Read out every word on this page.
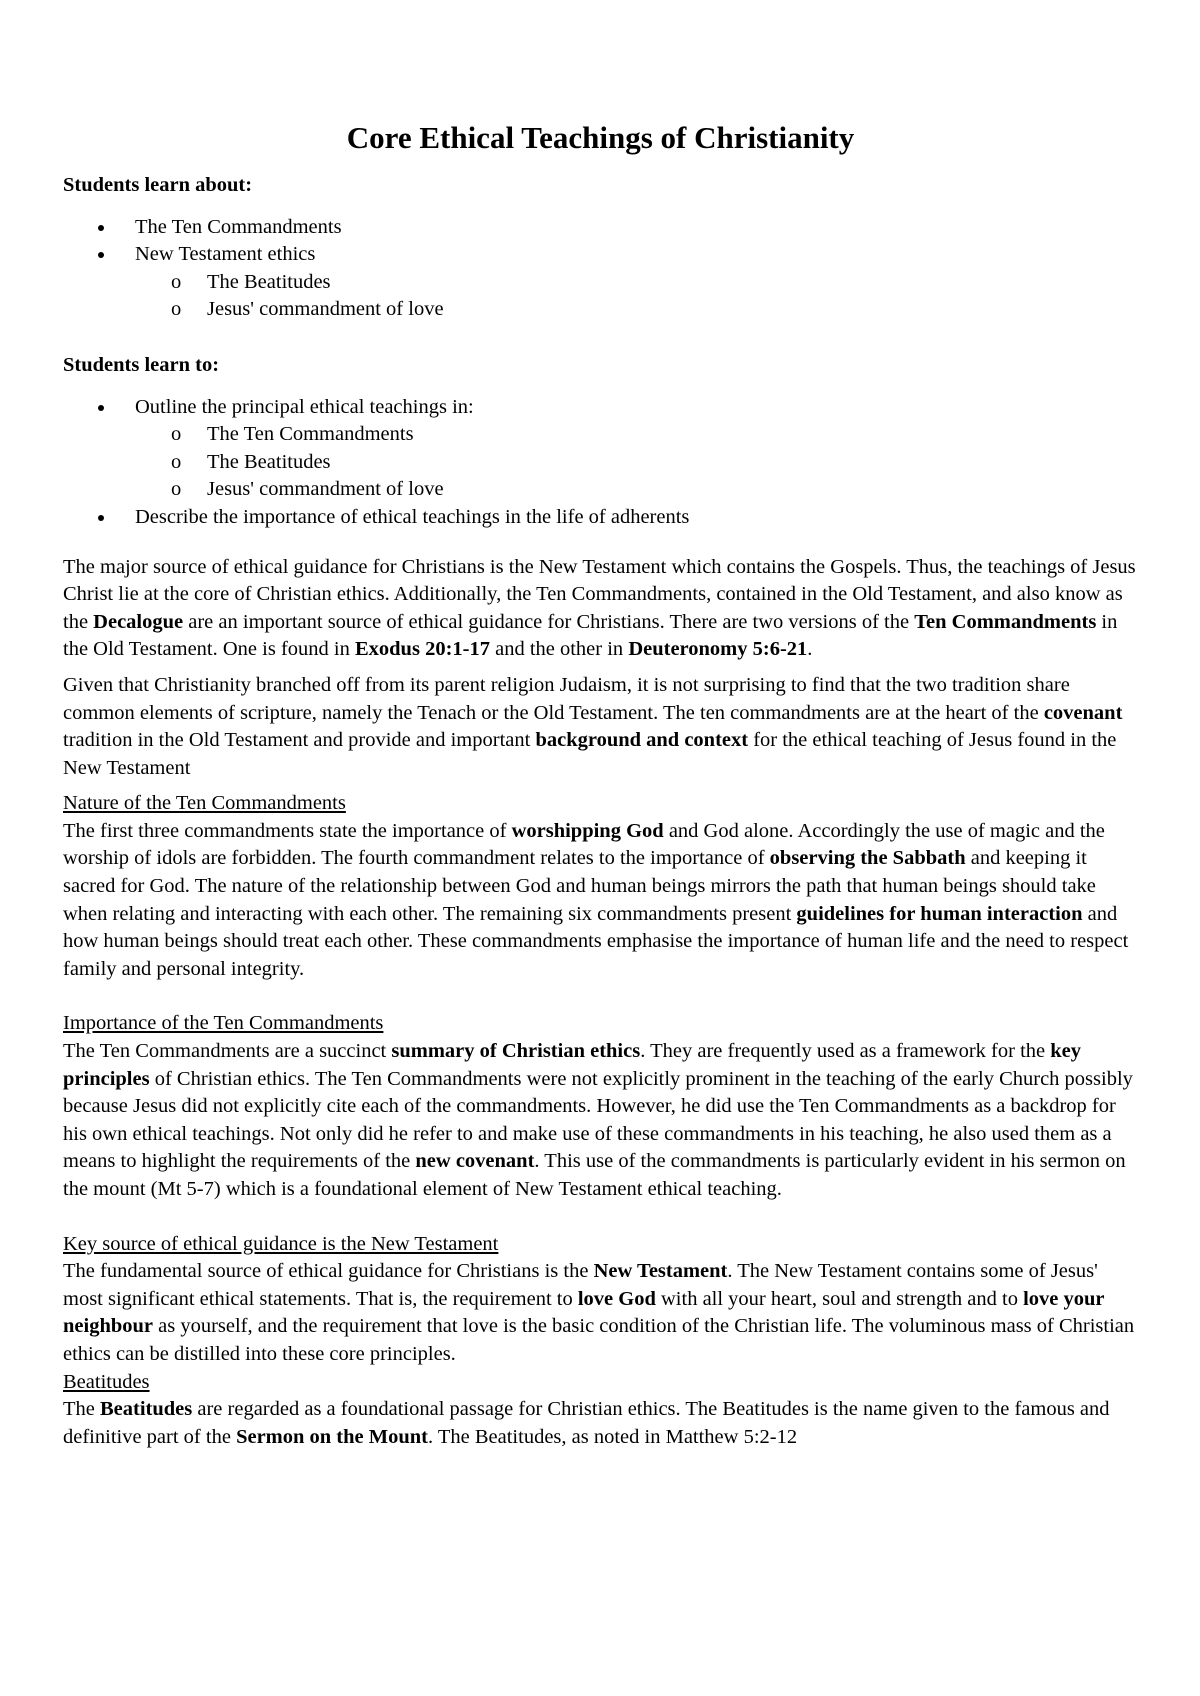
Core Ethical Teachings of Christianity

Students learn about:

The Ten Commandments
New Testament ethics
o The Beatitudes
o Jesus' commandment of love

Students learn to:

Outline the principal ethical teachings in:
o The Ten Commandments
o The Beatitudes
o Jesus' commandment of love
Describe the importance of ethical teachings in the life of adherents

The major source of ethical guidance for Christians is the New Testament which contains the Gospels. Thus, the teachings of Jesus Christ lie at the core of Christian ethics. Additionally, the Ten Commandments, contained in the Old Testament, and also know as the Decalogue are an important source of ethical guidance for Christians. There are two versions of the Ten Commandments in the Old Testament. One is found in Exodus 20:1-17 and the other in Deuteronomy 5:6-21.

Given that Christianity branched off from its parent religion Judaism, it is not surprising to find that the two tradition share common elements of scripture, namely the Tenach or the Old Testament. The ten commandments are at the heart of the covenant tradition in the Old Testament and provide and important background and context for the ethical teaching of Jesus found in the New Testament

Nature of the Ten Commandments

The first three commandments state the importance of worshipping God and God alone. Accordingly the use of magic and the worship of idols are forbidden. The fourth commandment relates to the importance of observing the Sabbath and keeping it sacred for God. The nature of the relationship between God and human beings mirrors the path that human beings should take when relating and interacting with each other. The remaining six commandments present guidelines for human interaction and how human beings should treat each other. These commandments emphasise the importance of human life and the need to respect family and personal integrity.

Importance of the Ten Commandments

The Ten Commandments are a succinct summary of Christian ethics. They are frequently used as a framework for the key principles of Christian ethics. The Ten Commandments were not explicitly prominent in the teaching of the early Church possibly because Jesus did not explicitly cite each of the commandments. However, he did use the Ten Commandments as a backdrop for his own ethical teachings. Not only did he refer to and make use of these commandments in his teaching, he also used them as a means to highlight the requirements of the new covenant. This use of the commandments is particularly evident in his sermon on the mount (Mt 5-7) which is a foundational element of New Testament ethical teaching.

Key source of ethical guidance is the New Testament

The fundamental source of ethical guidance for Christians is the New Testament. The New Testament contains some of Jesus' most significant ethical statements. That is, the requirement to love God with all your heart, soul and strength and to love your neighbour as yourself, and the requirement that love is the basic condition of the Christian life. The voluminous mass of Christian ethics can be distilled into these core principles.

Beatitudes

The Beatitudes are regarded as a foundational passage for Christian ethics. The Beatitudes is the name given to the famous and definitive part of the Sermon on the Mount. The Beatitudes, as noted in Matthew 5:2-12
